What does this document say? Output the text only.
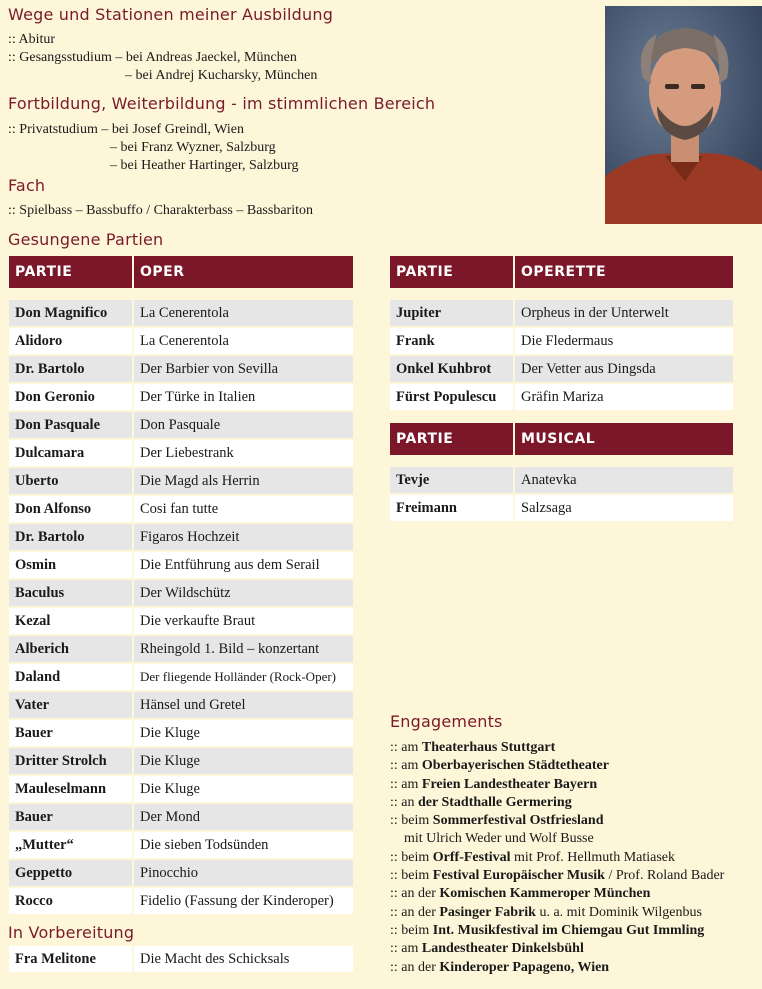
Wege und Stationen meiner Ausbildung
:: Abitur
:: Gesangsstudium – bei Andreas Jaeckel, München
– bei Andrej Kucharsky, München
Fortbildung, Weiterbildung - im stimmlichen Bereich
:: Privatstudium – bei Josef Greindl, Wien
– bei Franz Wyzner, Salzburg
– bei Heather Hartinger, Salzburg
Fach
:: Spielbass – Bassbuffo / Charakterbass – Bassbariton
Gesungene Partien
PARTIE	OPER

Don Magnifico	La Cenerentola
Alidoro	La Cenerentola
Dr. Bartolo	Der Barbier von Sevilla
Don Geronio	Der Türke in Italien
Don Pasquale	Don Pasquale
Dulcamara	Der Liebestrank
Uberto	Die Magd als Herrin
Don Alfonso	Cosi fan tutte
Dr. Bartolo	Figaros Hochzeit
Osmin	Die Entführung aus dem Serail
Baculus	Der Wildschütz
Kezal	Die verkaufte Braut
Alberich	Rheingold 1. Bild – konzertant
Daland	Der fliegende Holländer (Rock-Oper)
Vater	Hänsel und Gretel
Bauer	Die Kluge
Dritter Strolch	Die Kluge
Mauleselmann	Die Kluge
Bauer	Der Mond
„Mutter“	Die sieben Todsünden
Geppetto	Pinocchio
Rocco	Fidelio (Fassung der Kinderoper)
PARTIE	OPERETTE

Jupiter	Orpheus in der Unterwelt
Frank	Die Fledermaus
Onkel Kuhbrot	Der Vetter aus Dingsda
Fürst Populescu	Gräfin Mariza
PARTIE	MUSICAL

Tevje	Anatevka
Freimann	Salzsaga
In Vorbereitung
Fra Melitone	Die Macht des Schicksals
Engagements
:: am Theaterhaus Stuttgart
:: am Oberbayerischen Städtetheater
:: am Freien Landestheater Bayern
:: an der Stadthalle Germering
:: beim Sommerfestival Ostfriesland
mit Ulrich Weder und Wolf Busse
:: beim Orff-Festival mit Prof. Hellmuth Matiasek
:: beim Festival Europäischer Musik / Prof. Roland Bader
:: an der Komischen Kammeroper München
:: an der Pasinger Fabrik u. a. mit Dominik Wilgenbus
:: beim Int. Musikfestival im Chiemgau Gut Immling
:: am Landestheater Dinkelsbühl
:: an der Kinderoper Papageno, Wien
